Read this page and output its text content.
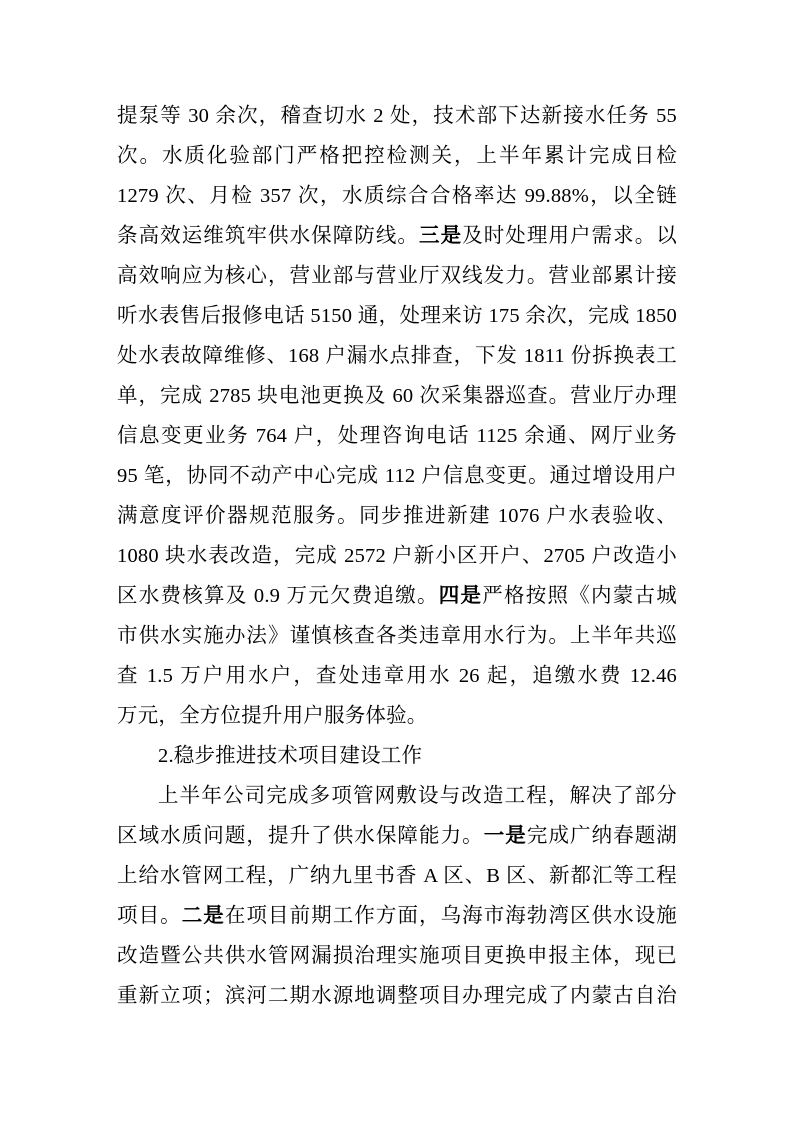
提泵等 30 余次，稽查切水 2 处，技术部下达新接水任务 55
次。水质化验部门严格把控检测关，上半年累计完成日检
1279 次、月检 357 次，水质综合合格率达 99.88%，以全链
条高效运维筑牢供水保障防线。三是及时处理用户需求。以
高效响应为核心，营业部与营业厅双线发力。营业部累计接
听水表售后报修电话 5150 通，处理来访 175 余次，完成 1850
处水表故障维修、168 户漏水点排查，下发 1811 份拆换表工
单，完成 2785 块电池更换及 60 次采集器巡查。营业厅办理
信息变更业务 764 户，处理咨询电话 1125 余通、网厅业务
95 笔，协同不动产中心完成 112 户信息变更。通过增设用户
满意度评价器规范服务。同步推进新建 1076 户水表验收、
1080 块水表改造，完成 2572 户新小区开户、2705 户改造小
区水费核算及 0.9 万元欠费追缴。四是严格按照《内蒙古城
市供水实施办法》谨慎核查各类违章用水行为。上半年共巡
查 1.5 万户用水户，查处违章用水 26 起，追缴水费 12.46
万元，全方位提升用户服务体验。
2.稳步推进技术项目建设工作
上半年公司完成多项管网敷设与改造工程，解决了部分
区域水质问题，提升了供水保障能力。一是完成广纳春题湖
上给水管网工程，广纳九里书香 A 区、B 区、新都汇等工程
项目。二是在项目前期工作方面，乌海市海勃湾区供水设施
改造暨公共供水管网漏损治理实施项目更换申报主体，现已
重新立项；滨河二期水源地调整项目办理完成了内蒙古自治
